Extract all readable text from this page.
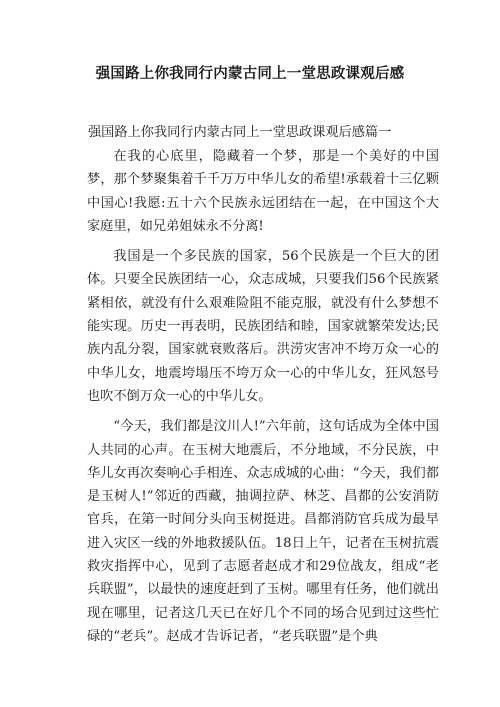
强国路上你我同行内蒙古同上一堂思政课观后感
强国路上你我同行内蒙古同上一堂思政课观后感篇一

在我的心底里，隐藏着一个梦，那是一个美好的中国梦，那个梦聚集着千千万万中华儿女的希望!承载着十三亿颗中国心!我愿:五十六个民族永远团结在一起，在中国这个大家庭里，如兄弟姐妹永不分离!

我国是一个多民族的国家，56个民族是一个巨大的团体。只要全民族团结一心，众志成城，只要我们56个民族紧紧相依，就没有什么艰难险阻不能克服，就没有什么梦想不能实现。历史一再表明，民族团结和睦，国家就繁荣发达;民族内乱分裂，国家就衰败落后。洪涝灾害冲不垮万众一心的中华儿女，地震垮塌压不垮万众一心的中华儿女，狂风怒号也吹不倒万众一心的中华儿女。

“今天，我们都是汶川人!”六年前，这句话成为全体中国人共同的心声。在玉树大地震后，不分地域，不分民族，中华儿女再次奏响心手相连、众志成城的心曲：“今天，我们都是玉树人!”邻近的西藏，抽调拉萨、林芝、昌都的公安消防官兵，在第一时间分头向玉树挺进。昌都消防官兵成为最早进入灾区一线的外地救援队伍。18日上午，记者在玉树抗震救灾指挥中心，见到了志愿者赵成才和29位战友，组成“老兵联盟”，以最快的速度赶到了玉树。哪里有任务，他们就出现在哪里，记者这几天已在好几个不同的场合见到过这些忙碌的“老兵”。赵成才告诉记者，“老兵联盟”是个典
